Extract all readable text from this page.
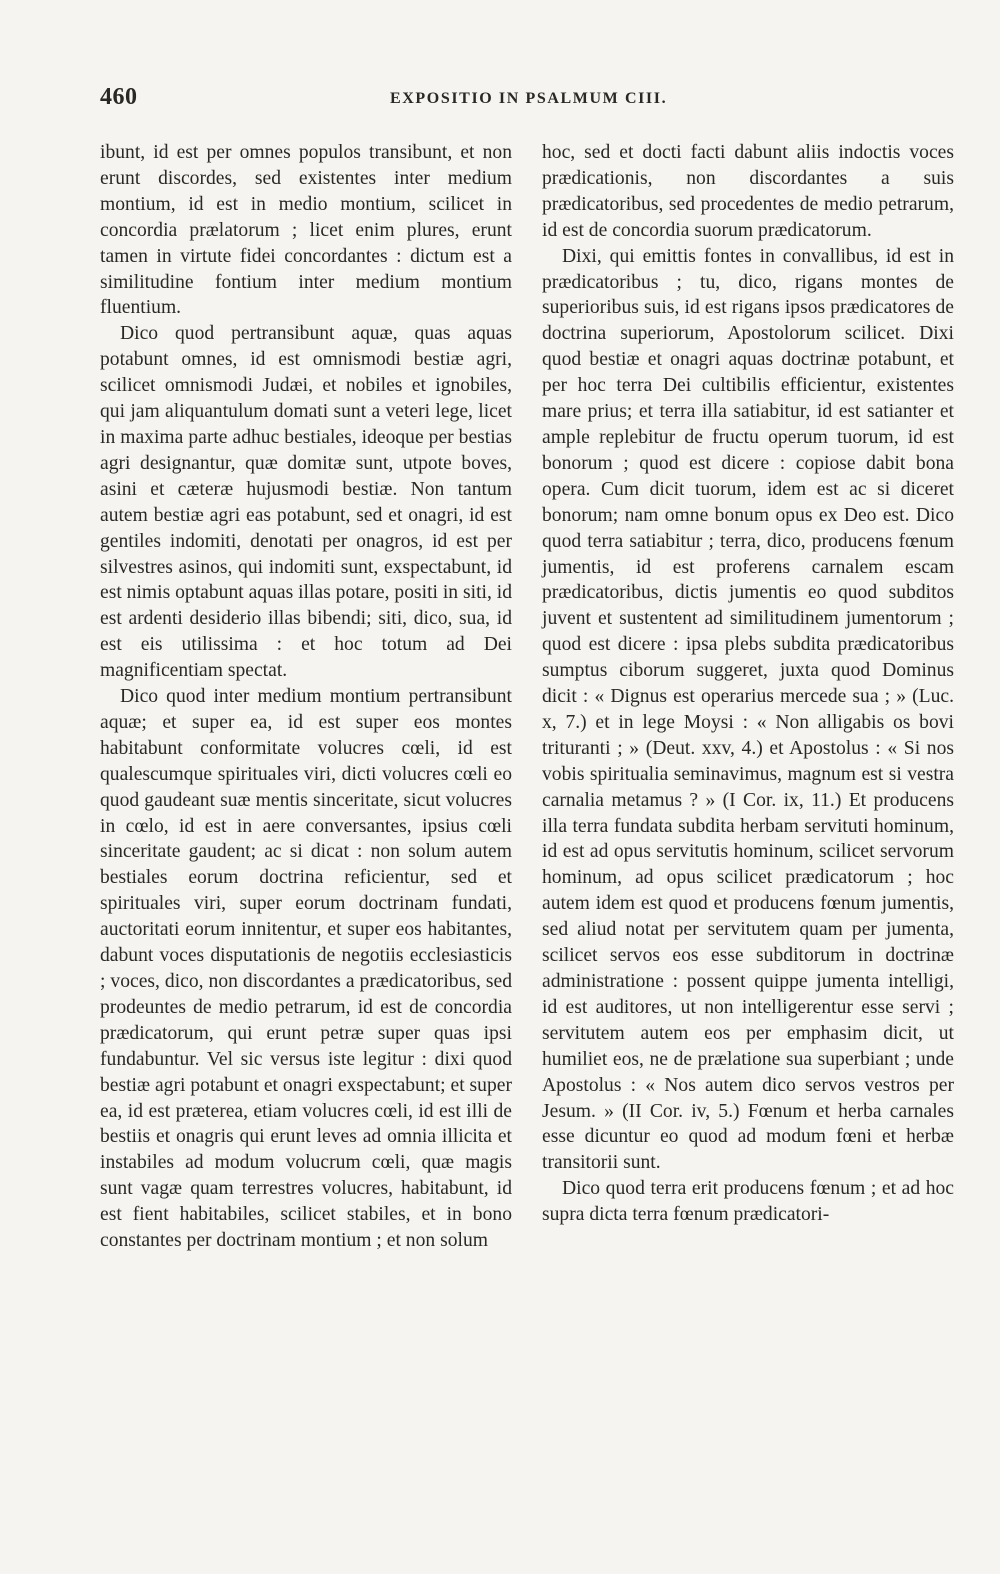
460	EXPOSITIO IN PSALMUM CIII.

ibunt, id est per omnes populos transibunt, et non erunt discordes, sed existentes inter medium montium, id est in medio montium, scilicet in concordia prælatorum ; licet enim plures, erunt tamen in virtute fidei concordantes : dictum est a similitudine fontium inter medium montium fluentium.

Dico quod pertransibunt aquæ, quas aquas potabunt omnes, id est omnismodi bestiæ agri, scilicet omnismodi Judæi, et nobiles et ignobiles, qui jam aliquantulum domati sunt a veteri lege, licet in maxima parte adhuc bestiales, ideoque per bestias agri designantur, quæ domitæ sunt, utpote boves, asini et cæteræ hujusmodi bestiæ. Non tantum autem bestiæ agri eas potabunt, sed et onagri, id est gentiles indomiti, denotati per onagros, id est per silvestres asinos, qui indomiti sunt, exspectabunt, id est nimis optabunt aquas illas potare, positi in siti, id est ardenti desiderio illas bibendi; siti, dico, sua, id est eis utilissima : et hoc totum ad Dei magnificentiam spectat.

Dico quod inter medium montium pertransibunt aquæ; et super ea, id est super eos montes habitabunt conformitate volucres cœli, id est qualescumque spirituales viri, dicti volucres cœli eo quod gaudeant suæ mentis sinceritate, sicut volucres in cœlo, id est in aere conversantes, ipsius cœli sinceritate gaudent; ac si dicat : non solum autem bestiales eorum doctrina reficientur, sed et spirituales viri, super eorum doctrinam fundati, auctoritati eorum innitentur, et super eos habitantes, dabunt voces disputationis de negotiis ecclesiasticis ; voces, dico, non discordantes a prædicatoribus, sed prodeuntes de medio petrarum, id est de concordia prædicatorum, qui erunt petræ super quas ipsi fundabuntur. Vel sic versus iste legitur : dixi quod bestiæ agri potabunt et onagri exspectabunt; et super ea, id est præterea, etiam volucres cœli, id est illi de bestiis et onagris qui erunt leves ad omnia illicita et instabiles ad modum volucrum cœli, quæ magis sunt vagæ quam terrestres volucres, habitabunt, id est fient habitabiles, scilicet stabiles, et in bono constantes per doctrinam montium ; et non solum

hoc, sed et docti facti dabunt aliis indoctis voces prædicationis, non discordantes a suis prædicatoribus, sed procedentes de medio petrarum, id est de concordia suorum prædicatorum.

Dixi, qui emittis fontes in convallibus, id est in prædicatoribus ; tu, dico, rigans montes de superioribus suis, id est rigans ipsos prædicatores de doctrina superiorum, Apostolorum scilicet. Dixi quod bestiæ et onagri aquas doctrinæ potabunt, et per hoc terra Dei cultibilis efficientur, existentes mare prius; et terra illa satiabitur, id est satianter et ample replebitur de fructu operum tuorum, id est bonorum ; quod est dicere : copiose dabit bona opera. Cum dicit tuorum, idem est ac si diceret bonorum; nam omne bonum opus ex Deo est. Dico quod terra satiabitur ; terra, dico, producens fœnum jumentis, id est proferens carnalem escam prædicatoribus, dictis jumentis eo quod subditos juvent et sustentent ad similitudinem jumentorum ; quod est dicere : ipsa plebs subdita prædicatoribus sumptus ciborum suggeret, juxta quod Dominus dicit : « Dignus est operarius mercede sua ; » (Luc. x, 7.) et in lege Moysi : « Non alligabis os bovi trituranti ; » (Deut. xxv, 4.) et Apostolus : « Si nos vobis spiritualia seminavimus, magnum est si vestra carnalia metamus ? » (I Cor. ix, 11.) Et producens illa terra fundata subdita herbam servituti hominum, id est ad opus servitutis hominum, scilicet servorum hominum, ad opus scilicet prædicatorum ; hoc autem idem est quod et producens fœnum jumentis, sed aliud notat per servitutem quam per jumenta, scilicet servos eos esse subditorum in doctrinæ administratione : possent quippe jumenta intelligi, id est auditores, ut non intelligerentur esse servi ; servitutem autem eos per emphasim dicit, ut humiliet eos, ne de prælatione sua superbiant ; unde Apostolus : « Nos autem dico servos vestros per Jesum. » (II Cor. iv, 5.) Fœnum et herba carnales esse dicuntur eo quod ad modum fœni et herbæ transitorii sunt.

Dico quod terra erit producens fœnum ; et ad hoc supra dicta terra fœnum prædicatori-
